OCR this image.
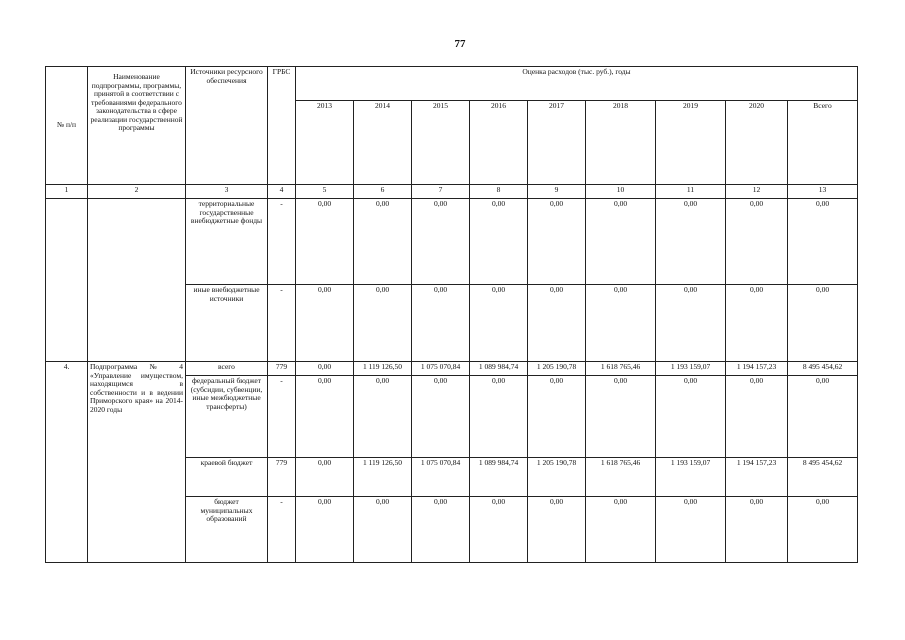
77
№ п/п	Наименование подпрограммы, программы, принятой в соответствии с требованиями федерального законодательства в сфере реализации государственной программы	Источники ресурсного обеспечения	ГРБС	Оценка расходов (тыс. руб.), годы								
				2013	2014	2015	2016	2017	2018	2019	2020	Всего
1	2	3	4	5	6	7	8	9	10	11	12	13
		территориальные государственные внебюджетные фонды	-	0,00	0,00	0,00	0,00	0,00	0,00	0,00	0,00	0,00
		иные внебюджетные источники	-	0,00	0,00	0,00	0,00	0,00	0,00	0,00	0,00	0,00
4.	Подпрограмма № 4 «Управление имуществом, находящимся в собственности и в ведении Приморского края» на 2014-2020 годы	всего	779	0,00	1 119 126,50	1 075 070,84	1 089 984,74	1 205 190,78	1 618 765,46	1 193 159,07	1 194 157,23	8 495 454,62
		федеральный бюджет (субсидии, субвенции, иные межбюджетные трансферты)	-	0,00	0,00	0,00	0,00	0,00	0,00	0,00	0,00	0,00
		краевой бюджет	779	0,00	1 119 126,50	1 075 070,84	1 089 984,74	1 205 190,78	1 618 765,46	1 193 159,07	1 194 157,23	8 495 454,62
		бюджет муниципальных образований	-	0,00	0,00	0,00	0,00	0,00	0,00	0,00	0,00	0,00
